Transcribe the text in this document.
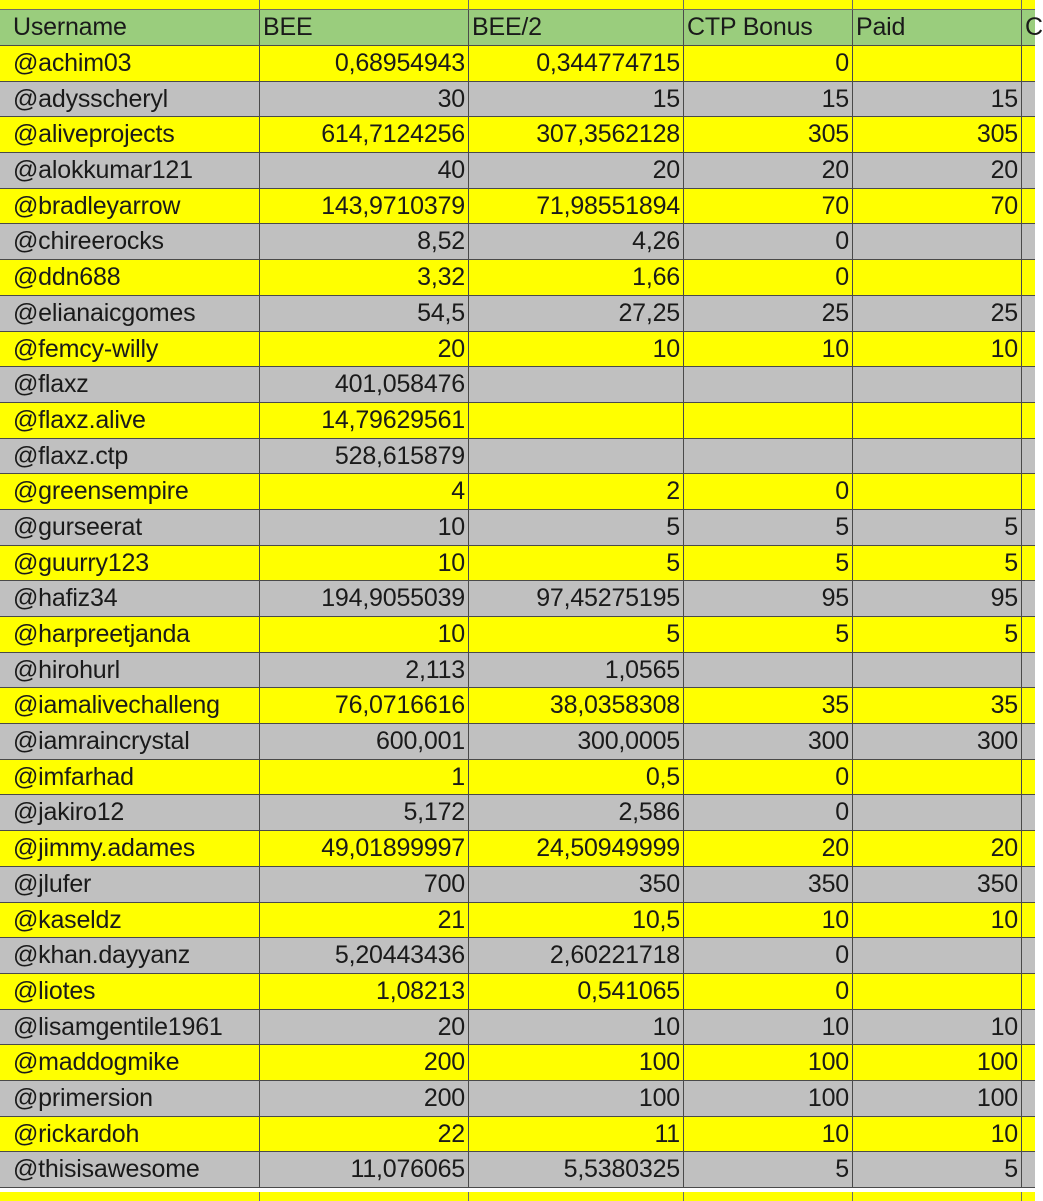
Username	BEE	BEE/2	CTP Bonus	Paid	C
@achim03	0,68954943	0,344774715	0
@adysscheryl	30	15	15	15
@aliveprojects	614,7124256	307,3562128	305	305
@alokkumar121	40	20	20	20
@bradleyarrow	143,9710379	71,98551894	70	70
@chireerocks	8,52	4,26	0
@ddn688	3,32	1,66	0
@elianaicgomes	54,5	27,25	25	25
@femcy-willy	20	10	10	10
@flaxz	401,058476
@flaxz.alive	14,79629561
@flaxz.ctp	528,615879
@greensempire	4	2	0
@gurseerat	10	5	5	5
@guurry123	10	5	5	5
@hafiz34	194,9055039	97,45275195	95	95
@harpreetjanda	10	5	5	5
@hirohurl	2,113	1,0565
@iamalivechalleng	76,0716616	38,0358308	35	35
@iamraincrystal	600,001	300,0005	300	300
@imfarhad	1	0,5	0
@jakiro12	5,172	2,586	0
@jimmy.adames	49,01899997	24,50949999	20	20
@jlufer	700	350	350	350
@kaseldz	21	10,5	10	10
@khan.dayyanz	5,20443436	2,60221718	0
@liotes	1,08213	0,541065	0
@lisamgentile1961	20	10	10	10
@maddogmike	200	100	100	100
@primersion	200	100	100	100
@rickardoh	22	11	10	10
@thisisawesome	11,076065	5,5380325	5	5
